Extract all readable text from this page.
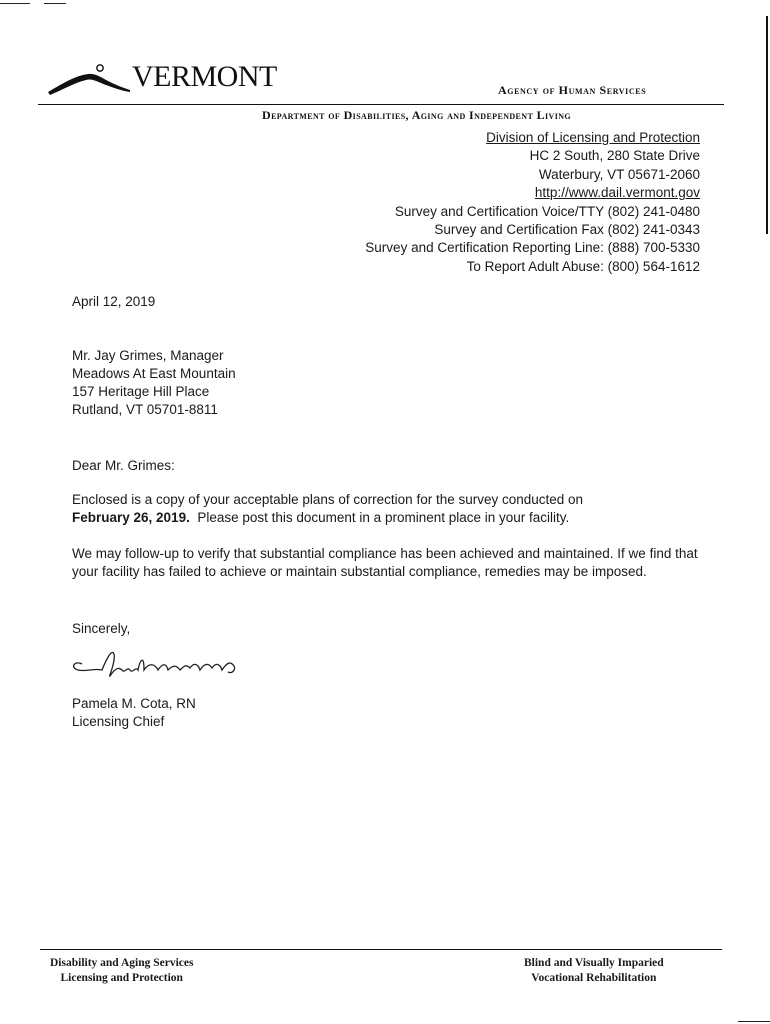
VERMONT	Agency of Human Services
Department of Disabilities, Aging and Independent Living
Division of Licensing and Protection
HC 2 South, 280 State Drive
Waterbury, VT 05671-2060
http://www.dail.vermont.gov
Survey and Certification Voice/TTY (802) 241-0480
Survey and Certification Fax (802) 241-0343
Survey and Certification Reporting Line: (888) 700-5330
To Report Adult Abuse: (800) 564-1612
April 12, 2019
Mr. Jay Grimes, Manager
Meadows At East Mountain
157 Heritage Hill Place
Rutland, VT 05701-8811
Dear Mr. Grimes:
Enclosed is a copy of your acceptable plans of correction for the survey conducted on
February 26, 2019.  Please post this document in a prominent place in your facility.
We may follow-up to verify that substantial compliance has been achieved and maintained. If we find that your facility has failed to achieve or maintain substantial compliance, remedies may be imposed.
Sincerely,
Pamela M. Cota, RN
Licensing Chief
Disability and Aging Services
Licensing and Protection
Blind and Visually Imparied
Vocational Rehabilitation
